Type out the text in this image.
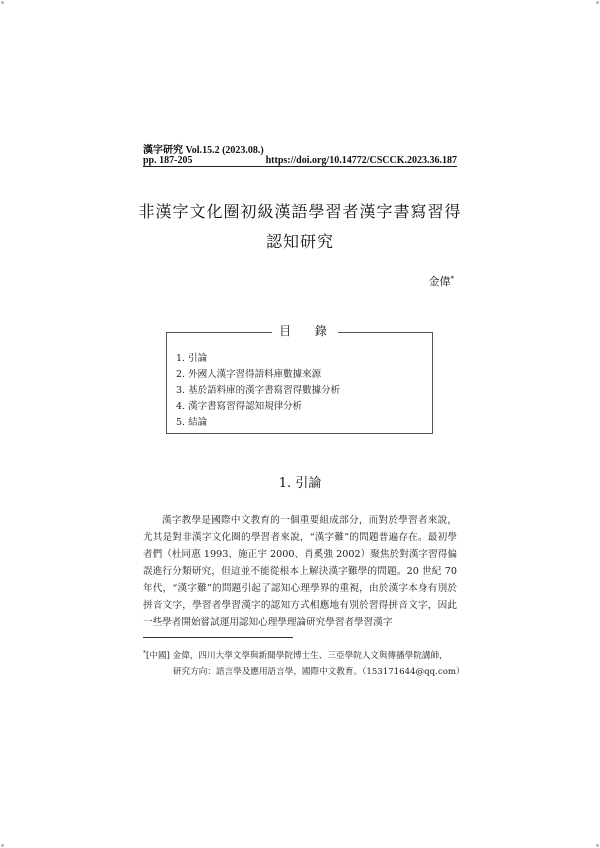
漢字研究 Vol.15.2 (2023.08.)
pp. 187-205	https://doi.org/10.14772/CSCCK.2023.36.187
非漢字文化圈初級漢語學習者漢字書寫習得
認知研究
金偉*
目 錄
1. 引論
2. 外國人漢字習得語料庫數據來源
3. 基於語料庫的漢字書寫習得數據分析
4. 漢字書寫習得認知規律分析
5. 結論
1. 引論

漢字教學是國際中文教育的一個重要組成部分，而對於學習者來說，尤其是對非漢字文化圈的學習者來說，“漢字難”的問題普遍存在。最初學者們（杜同惠 1993、施正宇 2000、肖奚強 2002）聚焦於對漢字習得偏誤進行分類研究，但這並不能從根本上解決漢字難學的問題。20 世紀 70 年代，“漢字難”的問題引起了認知心理學界的重視，由於漢字本身有別於拼音文字，學習者學習漢字的認知方式相應地有別於習得拼音文字，因此一些學者開始嘗試運用認知心理學理論研究學習者學習漢字

*[中國] 金偉，四川大學文學與新聞學院博士生、三亞學院人文與傳播學院講師，
研究方向：語言學及應用語言學，國際中文教育。（153171644@qq.com）
